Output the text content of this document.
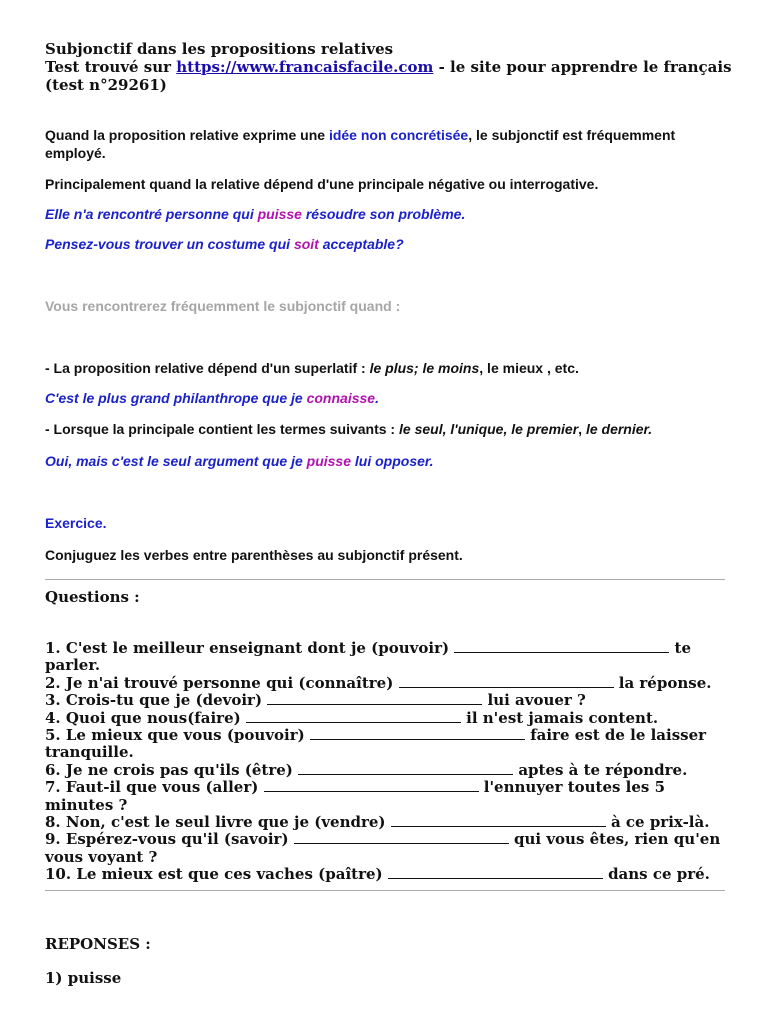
Subjonctif dans les propositions relatives
Test trouvé sur https://www.francaisfacile.com - le site pour apprendre le français
(test n°29261)
Quand la proposition relative exprime une idée non concrétisée, le subjonctif est fréquemment
employé.
Principalement quand la relative dépend d'une principale négative ou interrogative.
Elle n'a rencontré personne qui puisse résoudre son problème.
Pensez-vous trouver un costume qui soit acceptable?
Vous rencontrerez fréquemment le subjonctif quand :
- La proposition relative dépend d'un superlatif : le plus; le moins, le mieux , etc.
C'est le plus grand philanthrope que je connaisse.
- Lorsque la principale contient les termes suivants : le seul, l'unique, le premier, le dernier.
Oui, mais c'est le seul argument que je puisse lui opposer.
Exercice.
Conjuguez les verbes entre parenthèses au subjonctif présent.
Questions :
1. C'est le meilleur enseignant dont je (pouvoir)	te parler.
2. Je n'ai trouvé personne qui (connaître)	la réponse.
3. Crois-tu que je (devoir)	lui avouer ?
4. Quoi que nous(faire)	il n'est jamais content.
5. Le mieux que vous (pouvoir)	faire est de le laisser tranquille.
6. Je ne crois pas qu'ils (être)	aptes à te répondre.
7. Faut-il que vous (aller)	l'ennuyer toutes les 5 minutes ?
8. Non, c'est le seul livre que je (vendre)	à ce prix-là.
9. Espérez-vous qu'il (savoir)	qui vous êtes, rien qu'en vous voyant ?
10. Le mieux est que ces vaches (paître)	dans ce pré.
REPONSES :
1) puisse
